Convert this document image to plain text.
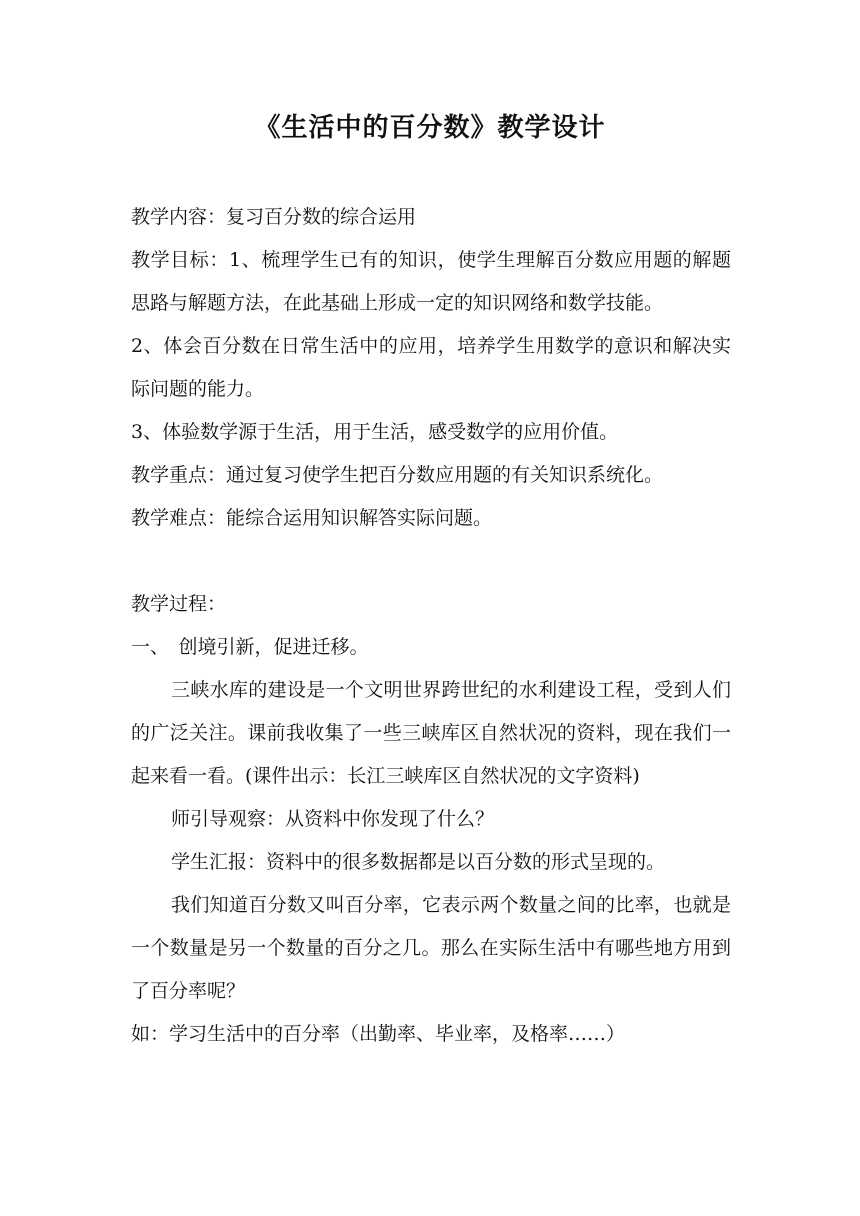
《生活中的百分数》教学设计

教学内容：复习百分数的综合运用

教学目标：1、梳理学生已有的知识，使学生理解百分数应用题的解题思路与解题方法，在此基础上形成一定的知识网络和数学技能。

2、体会百分数在日常生活中的应用，培养学生用数学的意识和解决实际问题的能力。

3、体验数学源于生活，用于生活，感受数学的应用价值。

教学重点：通过复习使学生把百分数应用题的有关知识系统化。

教学难点：能综合运用知识解答实际问题。

教学过程：

一、　创境引新，促进迁移。

三峡水库的建设是一个文明世界跨世纪的水利建设工程，受到人们的广泛关注。课前我收集了一些三峡库区自然状况的资料，现在我们一起来看一看。(课件出示：长江三峡库区自然状况的文字资料)

师引导观察：从资料中你发现了什么？

学生汇报：资料中的很多数据都是以百分数的形式呈现的。

我们知道百分数又叫百分率，它表示两个数量之间的比率，也就是一个数量是另一个数量的百分之几。那么在实际生活中有哪些地方用到了百分率呢？

如：学习生活中的百分率（出勤率、毕业率，及格率……）
